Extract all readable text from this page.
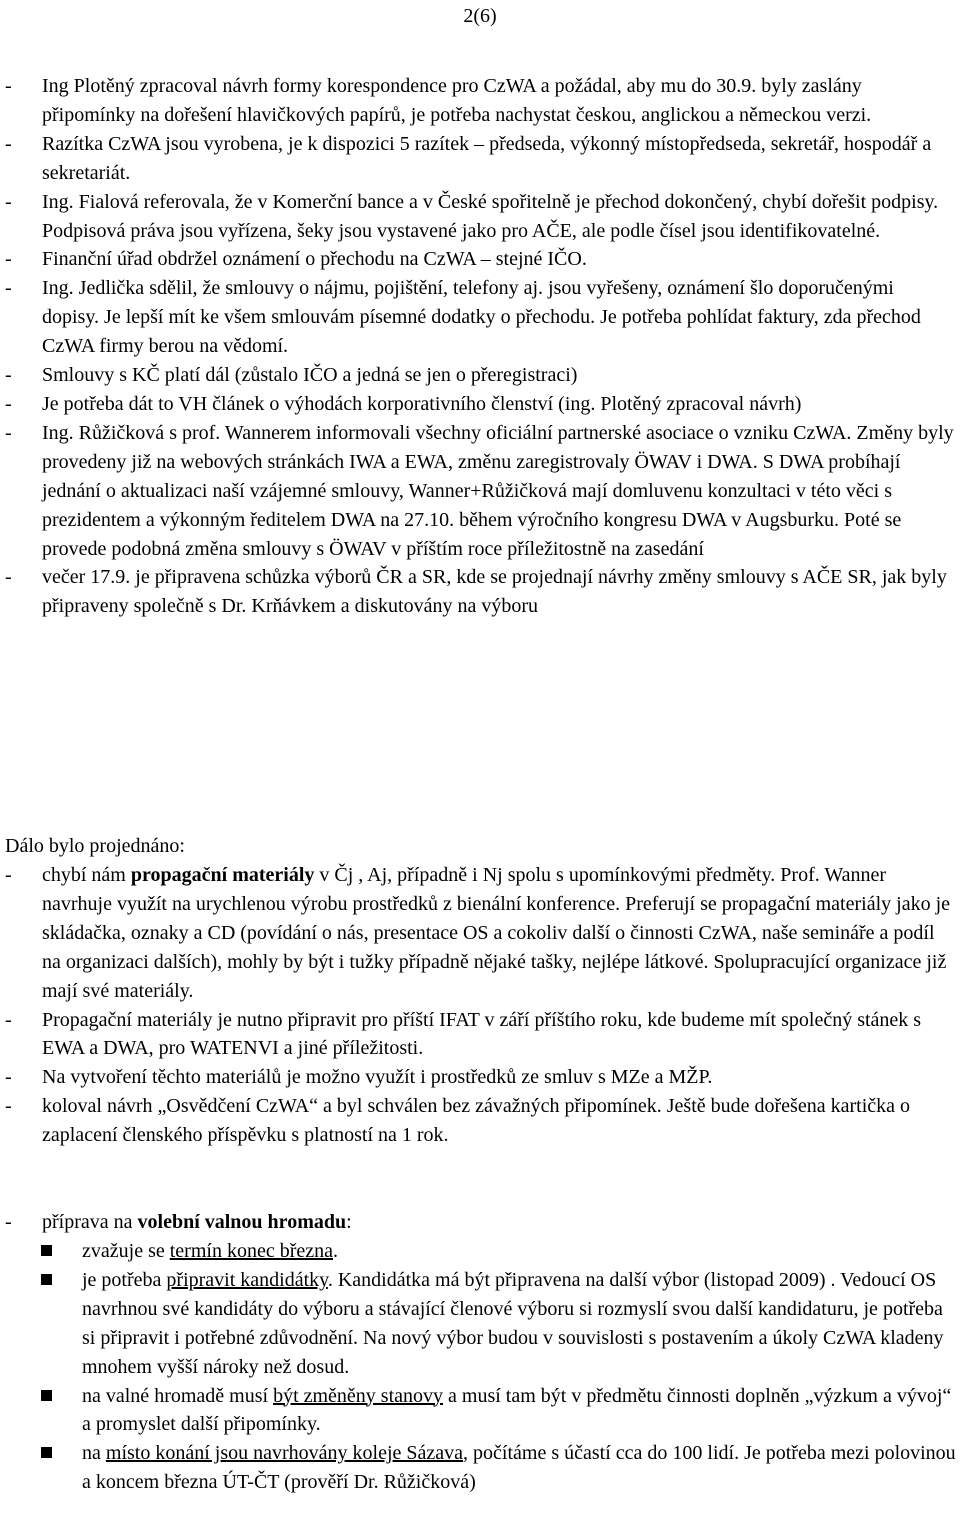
2(6)
- Ing Plotěný zpracoval návrh formy korespondence pro CzWA a požádal, aby mu do 30.9. byly zaslány připomínky na dořešení hlavičkových papírů, je potřeba nachystat českou, anglickou a německou verzi.
- Razítka CzWA jsou vyrobena, je k dispozici 5 razítek – předseda, výkonný místopředseda, sekretář, hospodář a sekretariát.
- Ing. Fialová referovala, že v Komerční bance a v České spořitelně je přechod dokončený, chybí dořešit podpisy. Podpisová práva jsou vyřízena, šeky jsou vystavené jako pro AČE, ale podle čísel jsou identifikovatelné.
- Finanční úřad obdržel oznámení o přechodu na CzWA – stejné IČO.
- Ing. Jedlička sdělil, že smlouvy o nájmu, pojištění, telefony aj. jsou vyřešeny, oznámení šlo doporučenými dopisy. Je lepší mít ke všem smlouvám písemné dodatky o přechodu. Je potřeba pohlídat faktury, zda přechod CzWA firmy berou na vědomí.
- Smlouvy s KČ platí dál (zůstalo IČO a jedná se jen o přeregistraci)
- Je potřeba dát to VH článek o výhodách korporativního členství (ing. Plotěný zpracoval návrh)
- Ing. Růžičková s prof. Wannerem informovali všechny oficiální partnerské asociace o vzniku CzWA. Změny byly provedeny již na webových stránkách IWA a EWA, změnu zaregistrovaly ÖWAV i DWA. S DWA probíhají jednání o aktualizaci naší vzájemné smlouvy, Wanner+Růžičková mají domluvenu konzultaci v této věci s prezidentem a výkonným ředitelem DWA na 27.10. během výročního kongresu DWA v Augsburku. Poté se provede podobná změna smlouvy s ÖWAV v příštím roce příležitostně na zasedání
- večer 17.9. je připravena schůzka výborů ČR a SR, kde se projednají návrhy změny smlouvy s AČE SR, jak byly připraveny společně s Dr. Krňávkem a diskutovány na výboru
Dálo bylo projednáno:
- chybí nám propagační materiály v Čj , Aj, případně i Nj spolu s upomínkovými předměty. Prof. Wanner navrhuje využít na urychlenou výrobu prostředků z bienální konference. Preferují se propagační materiály jako je skládačka, oznaky a CD (povídání o nás, presentace OS a cokoliv další o činnosti CzWA, naše semináře a podíl na organizaci dalších), mohly by být i tužky případně nějaké tašky, nejlépe látkové. Spolupracující organizace již mají své materiály.
- Propagační materiály je nutno připravit pro příští IFAT v září příštího roku, kde budeme mít společný stánek s EWA a DWA, pro WATENVI a jiné příležitosti.
- Na vytvoření těchto materiálů je možno využít i prostředků ze smluv s MZe a MŽP.
- koloval návrh „Osvědčení CzWA“ a byl schválen bez závažných připomínek. Ještě bude dořešena kartička o zaplacení členského příspěvku s platností na 1 rok.
- příprava na volební valnou hromadu:
zvažuje se termín konec března.
je potřeba připravit kandidátky. Kandidátka má být připravena na další výbor (listopad 2009) . Vedoucí OS navrhnou své kandidáty do výboru a stávající členové výboru si rozmyslí svou další kandidaturu, je potřeba si připravit i potřebné zdůvodnění. Na nový výbor budou v souvislosti s postavením a úkoly CzWA kladeny mnohem vyšší nároky než dosud.
na valné hromadě musí být změněny stanovy a musí tam být v předmětu činnosti doplněn „výzkum a vývoj“ a promyslet další připomínky.
na místo konání jsou navrhovány koleje Sázava, počítáme s účastí cca do 100 lidí. Je potřeba mezi polovinou a koncem března ÚT-ČT (prověří Dr. Růžičková)
